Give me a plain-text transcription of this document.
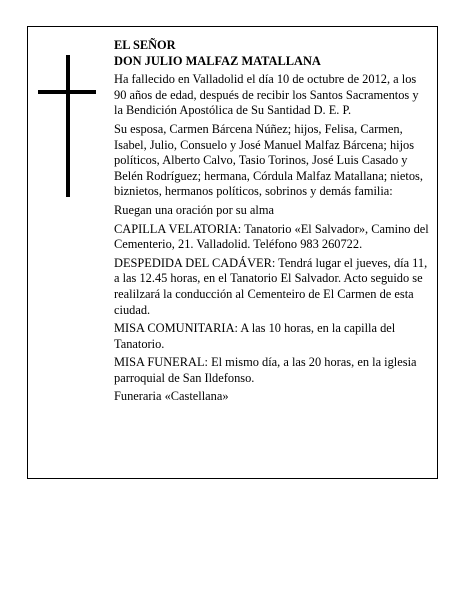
EL SEÑOR

DON JULIO MALFAZ MATALLANA

Ha fallecido en Valladolid el día 10 de octubre de 2012, a los 90 años de edad, después de recibir los Santos Sacramentos y la Bendición Apostólica de Su Santidad D. E. P.

Su esposa, Carmen Bárcena Núñez; hijos, Felisa, Carmen, Isabel, Julio, Consuelo y José Manuel Malfaz Bárcena; hijos políticos, Alberto Calvo, Tasio Torinos, José Luis Casado y Belén Rodríguez; hermana, Córdula Malfaz Matallana; nietos, biznietos, hermanos políticos, sobrinos y demás familia:

Ruegan una oración por su alma

CAPILLA VELATORIA: Tanatorio «El Salvador», Camino del Cementerio, 21. Valladolid. Teléfono 983 260722.

DESPEDIDA DEL CADÁVER: Tendrá lugar el jueves, día 11, a las 12.45 horas, en el Tanatorio El Salvador. Acto seguido se realilzará la conducción al Cementeiro de El Carmen de esta ciudad.

MISA COMUNITARIA: A las 10 horas, en la capilla del Tanatorio.

MISA FUNERAL: El mismo día, a las 20 horas, en la iglesia parroquial de San Ildefonso.

Funeraria «Castellana»
